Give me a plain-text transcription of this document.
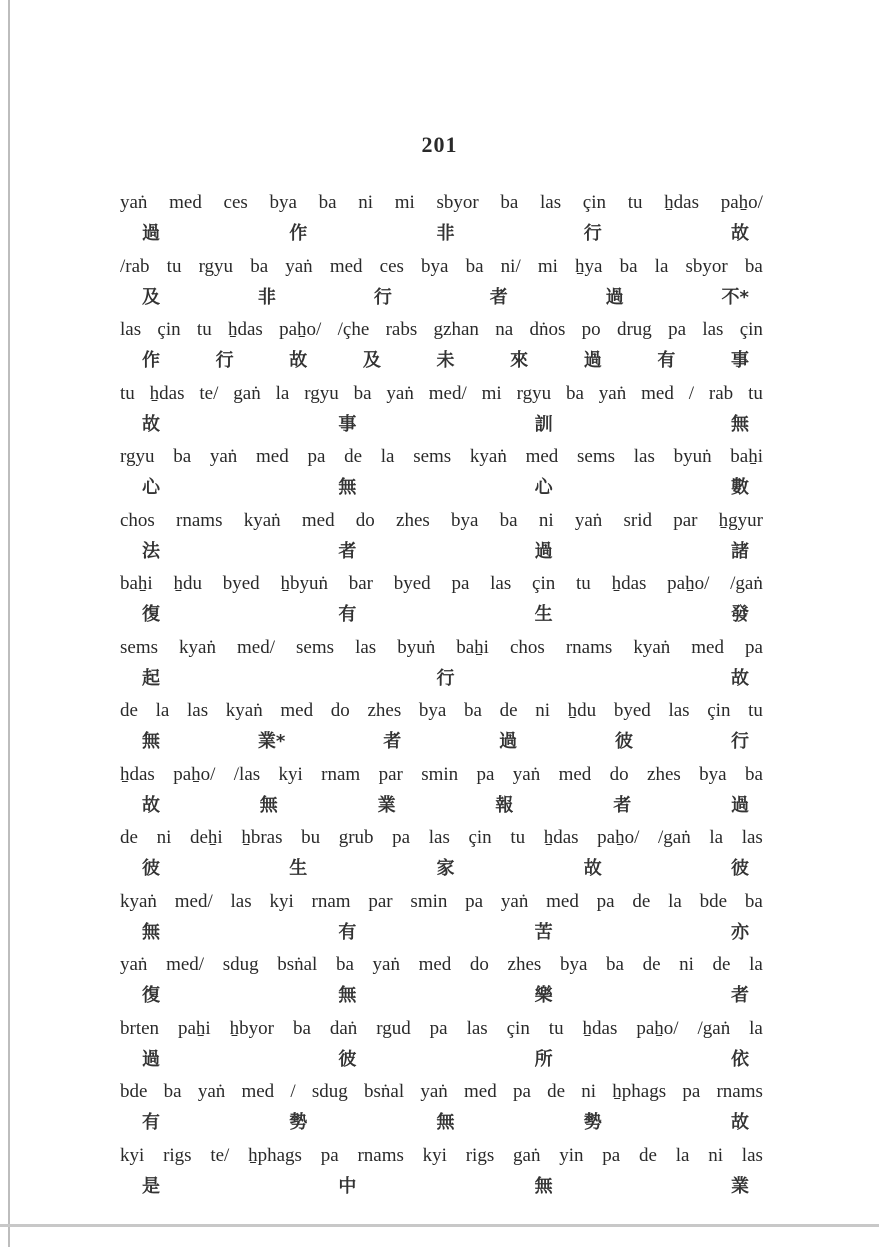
201
yaṅ med ces bya ba ni mi sbyor ba las çin tu ẖdas paẖo/
過	作	非	行	故
/rab tu rgyu ba yaṅ med ces bya ba ni/ mi ẖya ba la sbyor ba
及	非	行	者	過	不*
las çin tu ẖdas paẖo/ /çhe rabs gzhan na dṅos po drug pa las çin
作	行	故	及	未	來	過	有	事
tu ẖdas te/ gaṅ la rgyu ba yaṅ med/ mi rgyu ba yaṅ med / rab tu
故	事	訓	無
rgyu ba yaṅ med pa de la sems kyaṅ med sems las byuṅ baẖi
心	無	心	數
chos rnams kyaṅ med do zhes bya ba ni yaṅ srid par ẖgyur
法	者	過	諸
baẖi ẖdu byed ẖbyuṅ bar byed pa las çin tu ẖdas paẖo/ /gaṅ
復	有	生	發
sems kyaṅ med/ sems las byuṅ baẖi chos rnams kyaṅ med pa
起	行	故
de la las kyaṅ med do zhes bya ba de ni ẖdu byed las çin tu
無	業*	者	過	彼	行
ẖdas paẖo/ /las kyi rnam par smin pa yaṅ med do zhes bya ba
故	無	業	報	者	過
de ni deẖi ẖbras bu grub pa las çin tu ẖdas paẖo/ /gaṅ la las
彼	生	家	故	彼
kyaṅ med/ las kyi rnam par smin pa yaṅ med pa de la bde ba
無	有	苦	亦
yaṅ med/ sdug bsṅal ba yaṅ med do zhes bya ba de ni de la
復	無	樂	者
brten paẖi ẖbyor ba daṅ rgud pa las çin tu ẖdas paẖo/ /gaṅ la
過	彼	所	依
bde ba yaṅ med / sdug bsṅal yaṅ med pa de ni ẖphags pa rnams
有	勢	無	勢	故
kyi rigs te/ ẖphags pa rnams kyi rigs gaṅ yin pa de la ni las
是	中	無	業
